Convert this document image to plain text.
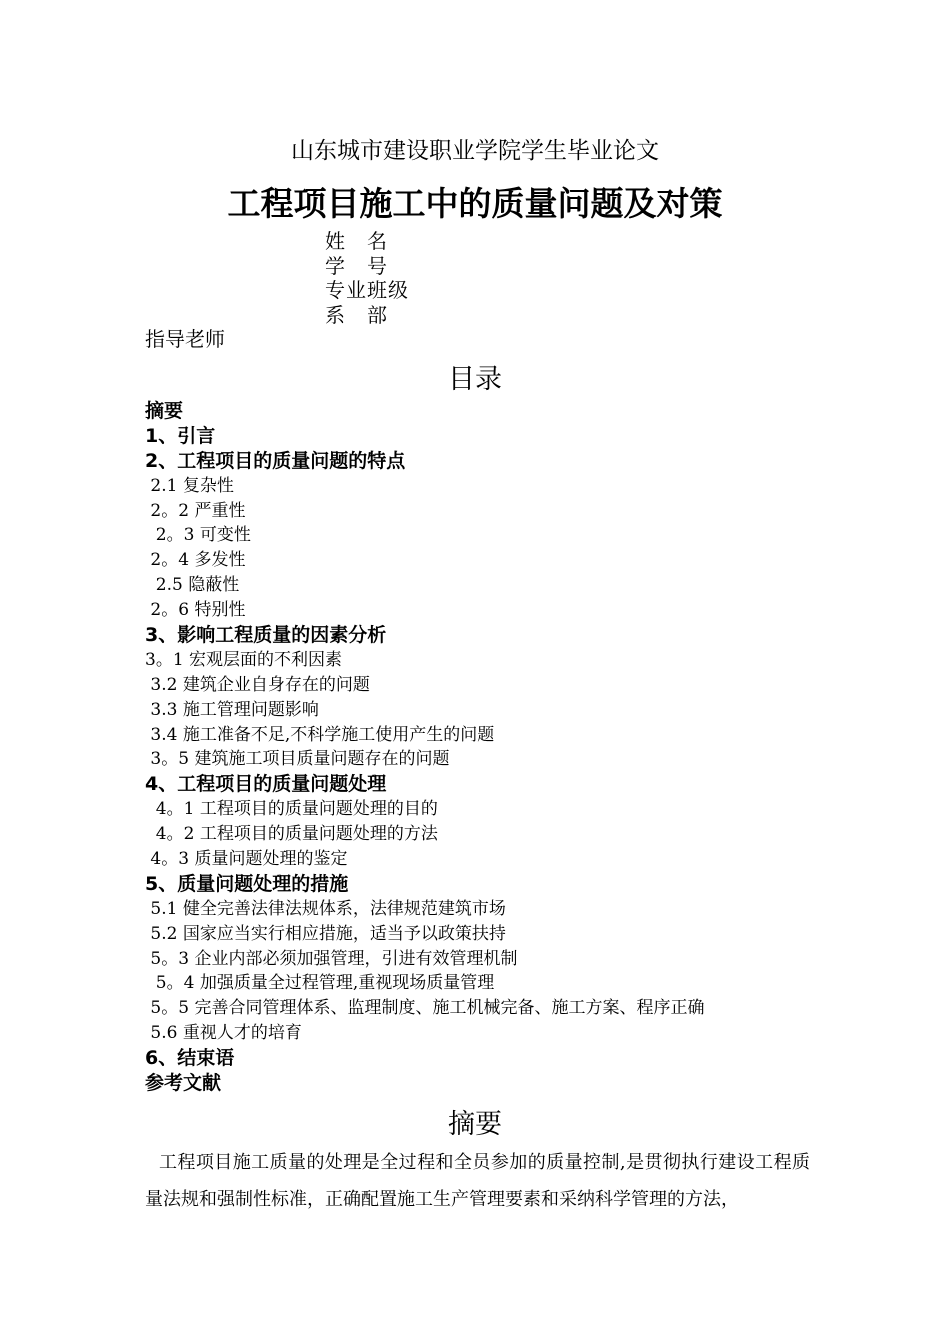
山东城市建设职业学院学生毕业论文
工程项目施工中的质量问题及对策
姓　名
学　号
专业班级
系　部
指导老师
目录
摘要
1、引言
2、工程项目的质量问题的特点
2.1 复杂性
2。2 严重性
2。3 可变性
2。4 多发性
2.5 隐蔽性
2。6 特别性
3、影响工程质量的因素分析
3。1 宏观层面的不利因素
3.2 建筑企业自身存在的问题
3.3 施工管理问题影响
3.4 施工准备不足,不科学施工使用产生的问题
3。5 建筑施工项目质量问题存在的问题
4、工程项目的质量问题处理
4。1 工程项目的质量问题处理的目的
4。2 工程项目的质量问题处理的方法
4。3 质量问题处理的鉴定
5、质量问题处理的措施
5.1 健全完善法律法规体系，法律规范建筑市场
5.2 国家应当实行相应措施，适当予以政策扶持
5。3 企业内部必须加强管理，引进有效管理机制
5。4 加强质量全过程管理,重视现场质量管理
5。5 完善合同管理体系、监理制度、施工机械完备、施工方案、程序正确
5.6 重视人才的培育
6、结束语
参考文献
摘要
工程项目施工质量的处理是全过程和全员参加的质量控制,是贯彻执行建设工程质量法规和强制性标准，正确配置施工生产管理要素和采纳科学管理的方法，
